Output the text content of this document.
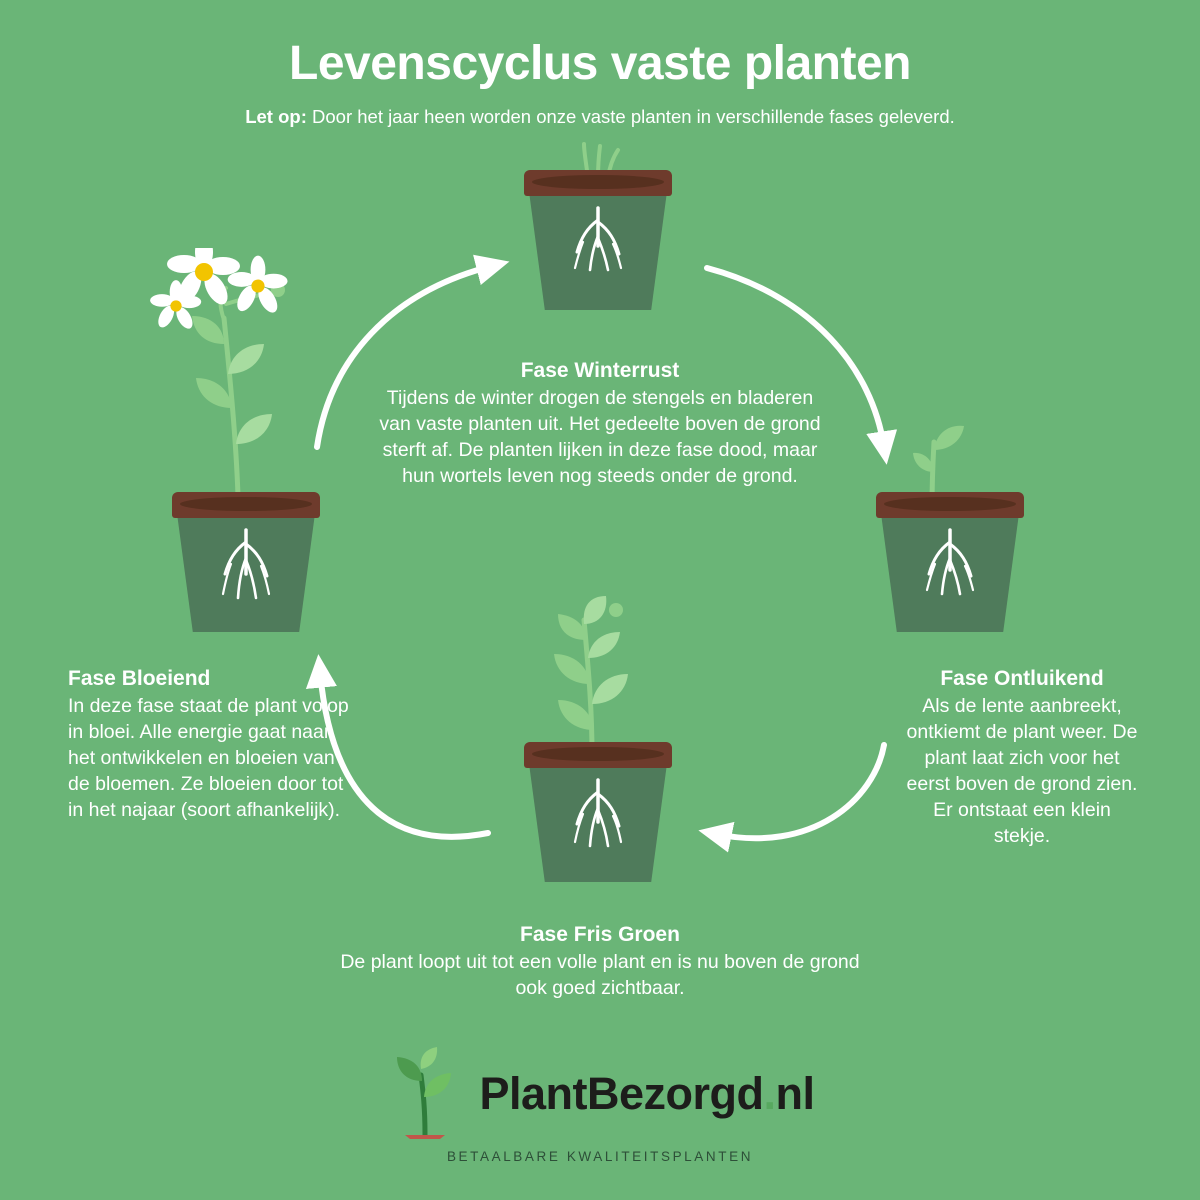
Levenscyclus vaste planten
Let op: Door het jaar heen worden onze vaste planten in verschillende fases geleverd.
Fase Winterrust

Tijdens de winter drogen de stengels en bladeren van vaste planten uit. Het gedeelte boven de grond sterft af. De planten lijken in deze fase dood, maar hun wortels leven nog steeds onder de grond.

Fase Ontluikend

Als de lente aanbreekt, ontkiemt de plant weer. De plant laat zich voor het eerst boven de grond zien. Er ontstaat een klein stekje.

Fase Fris Groen

De plant loopt uit tot een volle plant en is nu boven de grond ook goed zichtbaar.

Fase Bloeiend

In deze fase staat de plant volop in bloei. Alle energie gaat naar het ontwikkelen en bloeien van de bloemen. Ze bloeien door tot in het najaar (soort afhankelijk).

PlantBezorgd.nl
BETAALBARE KWALITEITSPLANTEN
